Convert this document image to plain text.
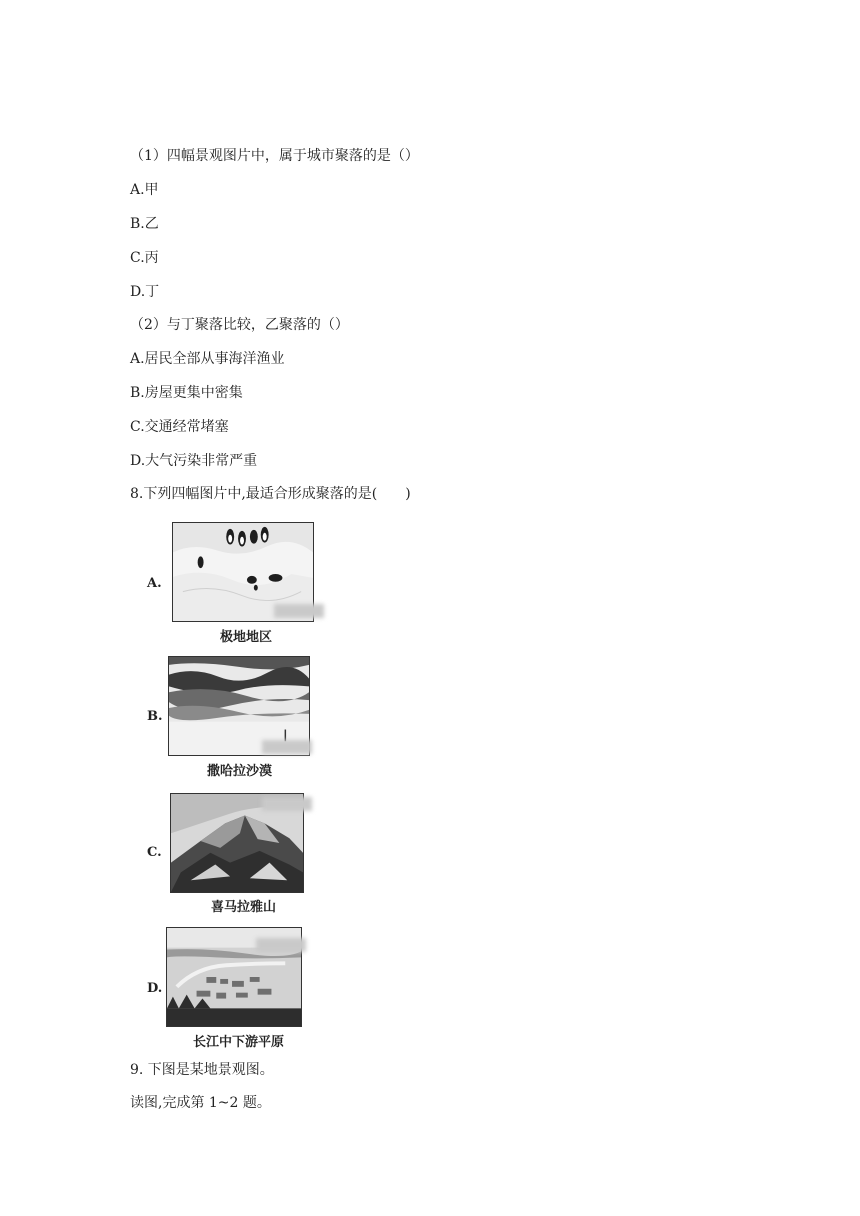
（1）四幅景观图片中，属于城市聚落的是（）
A.甲
B.乙
C.丙
D.丁
（2）与丁聚落比较，乙聚落的（）
A.居民全部从事海洋渔业
B.房屋更集中密集
C.交通经常堵塞
D.大气污染非常严重
8.下列四幅图片中,最适合形成聚落的是(　　)
A.
极地地区
B.
撒哈拉沙漠
C.
喜马拉雅山
D.
长江中下游平原
9. 下图是某地景观图。
读图,完成第 1~2 题。
